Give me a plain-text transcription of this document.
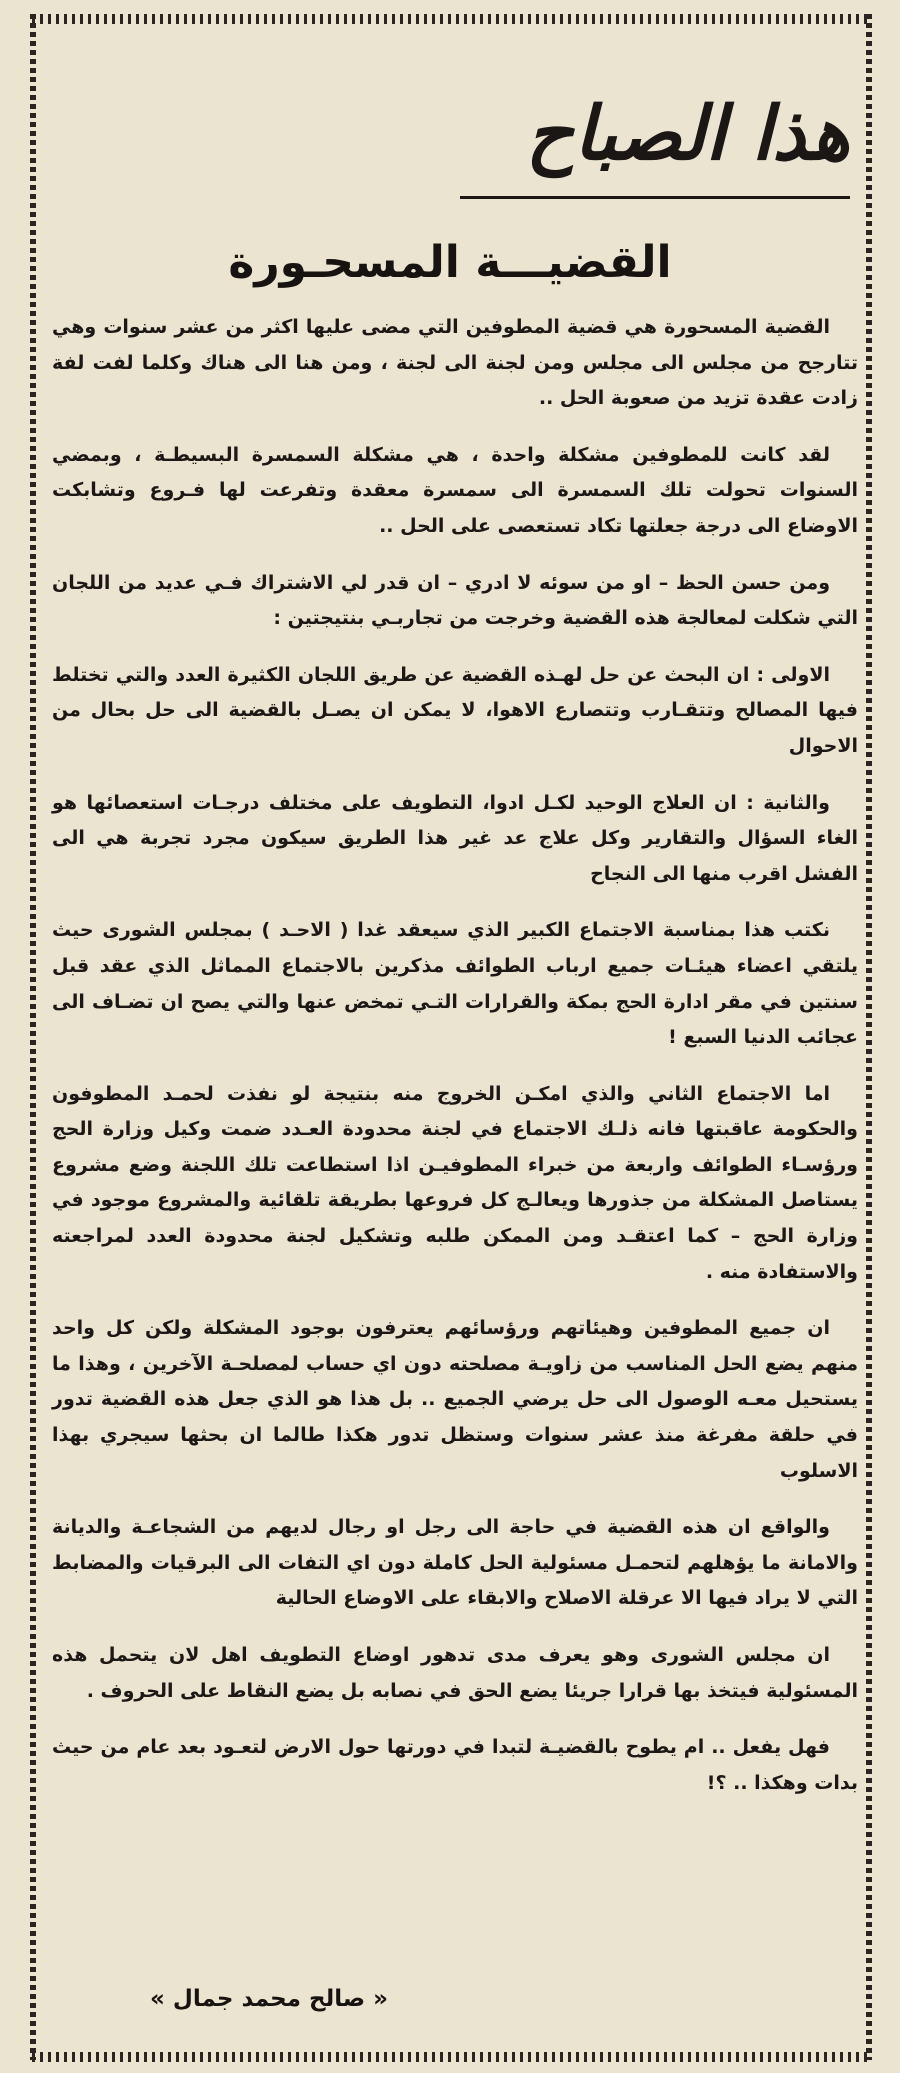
هذا الصباح
القضيـــة المسحـورة

القضية المسحورة هي قضية المطوفين التي مضى عليها اكثر من عشر سنوات وهي تتارجح من مجلس الى مجلس ومن لجنة الى لجنة ، ومن هنا الى هناك وكلما لفت لفة زادت عقدة تزيد من صعوبة الحل ..

لقد كانت للمطوفين مشكلة واحدة ، هي مشكلة السمسرة البسيطـة ، وبمضي السنوات تحولت تلك السمسرة الى سمسرة معقدة وتفرعت لها فـروع وتشابكت الاوضاع الى درجة جعلتها تكاد تستعصى على الحل ..

ومن حسن الحظ – او من سوئه لا ادري – ان قدر لي الاشتراك فـي عديد من اللجان التي شكلت لمعالجة هذه القضية وخرجت من تجاربـي بنتيجتين :

الاولى : ان البحث عن حل لهـذه القضية عن طريق اللجان الكثيرة العدد والتي تختلط فيها المصالح وتتقـارب وتتصارع الاهوا، لا يمكن ان يصـل بالقضية الى حل بحال من الاحوال

والثانية : ان العلاج الوحيد لكـل ادوا، التطويف على مختلف درجـات استعصائها هو الغاء السؤال والتقارير وكل علاج عد غير هذا الطريق سيكون مجرد تجربة هي الى الفشل اقرب منها الى النجاح

نكتب هذا بمناسبة الاجتماع الكبير الذي سيعقد غدا ( الاحـد ) بمجلس الشورى حيث يلتقي اعضاء هيئـات جميع ارباب الطوائف مذكرين بالاجتماع المماثل الذي عقد قبل سنتين في مقر ادارة الحج بمكة والقرارات التـي تمخض عنها والتي يصح ان تضـاف الى عجائب الدنيا السبع !

اما الاجتماع الثاني والذي امكـن الخروج منه بنتيجة لو نفذت لحمـد المطوفون والحكومة عاقبتها فانه ذلـك الاجتماع في لجنة محدودة العـدد ضمت وكيل وزارة الحج ورؤسـاء الطوائف واربعة من خبراء المطوفيـن اذا استطاعت تلك اللجنة وضع مشروع يستاصل المشكلة من جذورها ويعالـج كل فروعها بطريقة تلقائية والمشروع موجود في وزارة الحج – كما اعتقـد ومن الممكن طلبه وتشكيل لجنة محدودة العدد لمراجعته والاستفادة منه .

ان جميع المطوفين وهيئاتهم ورؤسائهم يعترفون بوجود المشكلة ولكن كل واحد منهم يضع الحل المناسب من زاويـة مصلحته دون اي حساب لمصلحـة الآخرين ، وهذا ما يستحيل معـه الوصول الى حل يرضي الجميع .. بل هذا هو الذي جعل هذه القضية تدور في حلقة مفرغة منذ عشر سنوات وستظل تدور هكذا طالما ان بحثها سيجري بهذا الاسلوب

والواقع ان هذه القضية في حاجة الى رجل او رجال لديهم من الشجاعـة والديانة والامانة ما يؤهلهم لتحمـل مسئولية الحل كاملة دون اي التفات الى البرقيات والمضابط التي لا يراد فيها الا عرقلة الاصلاح والابقاء على الاوضاع الحالية

ان مجلس الشورى وهو يعرف مدى تدهور اوضاع التطويف اهل لان يتحمل هذه المسئولية فيتخذ بها قرارا جريئا يضع الحق في نصابه بل يضع النقاط على الحروف .

فهل يفعل .. ام يطوح بالقضيـة لتبدا في دورتها حول الارض لتعـود بعد عام من حيث بدات وهكذا .. ؟!

« صالح محمد جمال »
